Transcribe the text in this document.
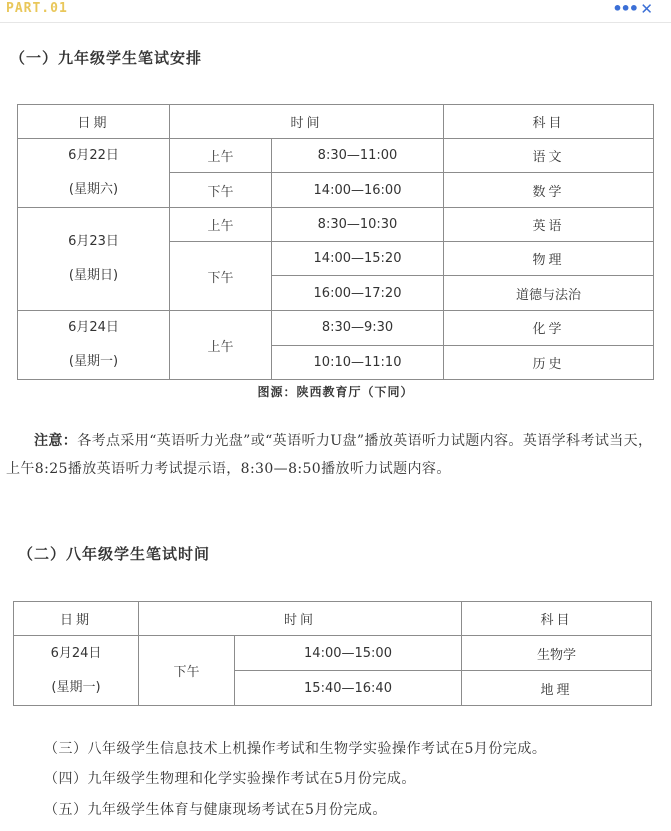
PART.01	••• ✕
（一）九年级学生笔试安排
日期	时间		科目

6月22日
(星期六)	上午	8:30—11:00	语文
	下午	14:00—16:00	数学

6月23日
(星期日)	上午	8:30—10:30	英语
	下午	14:00—15:20	物理
		16:00—17:20	道德与法治

6月24日
(星期一)	上午	8:30—9:30	化学
		10:10—11:10	历史
图源：陕西教育厅（下同）
注意：各考点采用“英语听力光盘”或“英语听力U盘”播放英语听力试题内容。英语学科考试当天，上午8:25播放英语听力考试提示语，8:30—8:50播放听力试题内容。
（二）八年级学生笔试时间
日期	时间		科目

6月24日
(星期一)	下午	14:00—15:00	生物学
		15:40—16:40	地理
（三）八年级学生信息技术上机操作考试和生物学实验操作考试在5月份完成。
（四）九年级学生物理和化学实验操作考试在5月份完成。
（五）九年级学生体育与健康现场考试在5月份完成。
